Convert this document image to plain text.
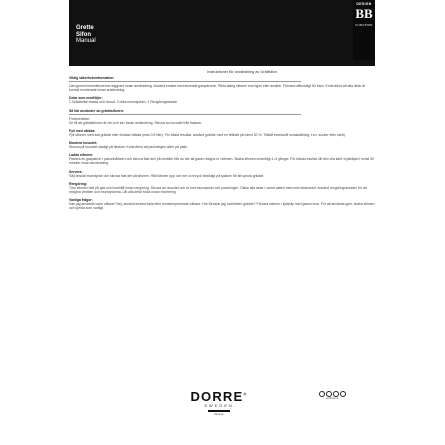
Grette
Sifon
Manual
DESIGN
BB
FUNCTION
Instruktioner för användning av Grättsifon
Viktig säkerhetsinformation
Läs igenom instruktionerna noggrant innan användning. Använd endast med avsedda gaspatroner. Rikta aldrig sifonen mot ögon eller ansikte. Förvara oåtkomligt för barn. Kontrollera att alla delar är korrekt monterade innan användning.
Delar som medföljer:
1 Gräddsifon flaska och huvud, 3 olika munstycken, 1 Rengöringsborste.
Så här använder du gräddsifonen:
Förberedelse:
Se till att gräddsifonen är ren och torr innan användning. Skruva av huvudet från flaskan.
Fyll med vätska:
Fyll sifonen med kall grädde eller önskad vätska (max 0,5 liter). För bästa resultat, använd grädde med en fetthalt på minst 30 %. Tillsätt eventuellt smaksättning, t.ex. socker eller vanilj.
Montera huvudet:
Skruva på huvudet stadigt på flaskan. Kontrollera att packningen sitter på plats.
Ladda sifonen:
Placera en gaspatron i patronhållaren och skruva fast den på ventilen tills du hör att gasen släpps in i sifonen. Skaka sifonen ordentligt 4–5 gånger. För bästa resultat, låt den vila kallt i kylskåpet i minst 30 minuter innan användning.
Servera:
Välj önskat munstycke och skruva fast det på sifonen. Håll sifonen upp och ner och tryck försiktigt på spaken för att spruta grädde.
Rengöring:
Töm sifonen helt på gas och innehåll innan rengöring. Skruva av huvudet och ta bort munstycket och packningen. Diska alla delar i varmt vatten med mild diskmedel. Använd rengöringsborsten för att rengöra ventilen och munstyckena. Låt alla delar torka innan montering.
Vanliga frågor:
Kan jag använda varm vätska? Nej, använd endast kalla eller rumstempererade vätskor. Hur förvarar jag överbliven grädde? Förvara sifonen i kylskåp med gasen kvar. För att använda igen, skaka sifonen och spruta som vanligt.
DORRE®
SWEDEN
dorre.se
certifications
